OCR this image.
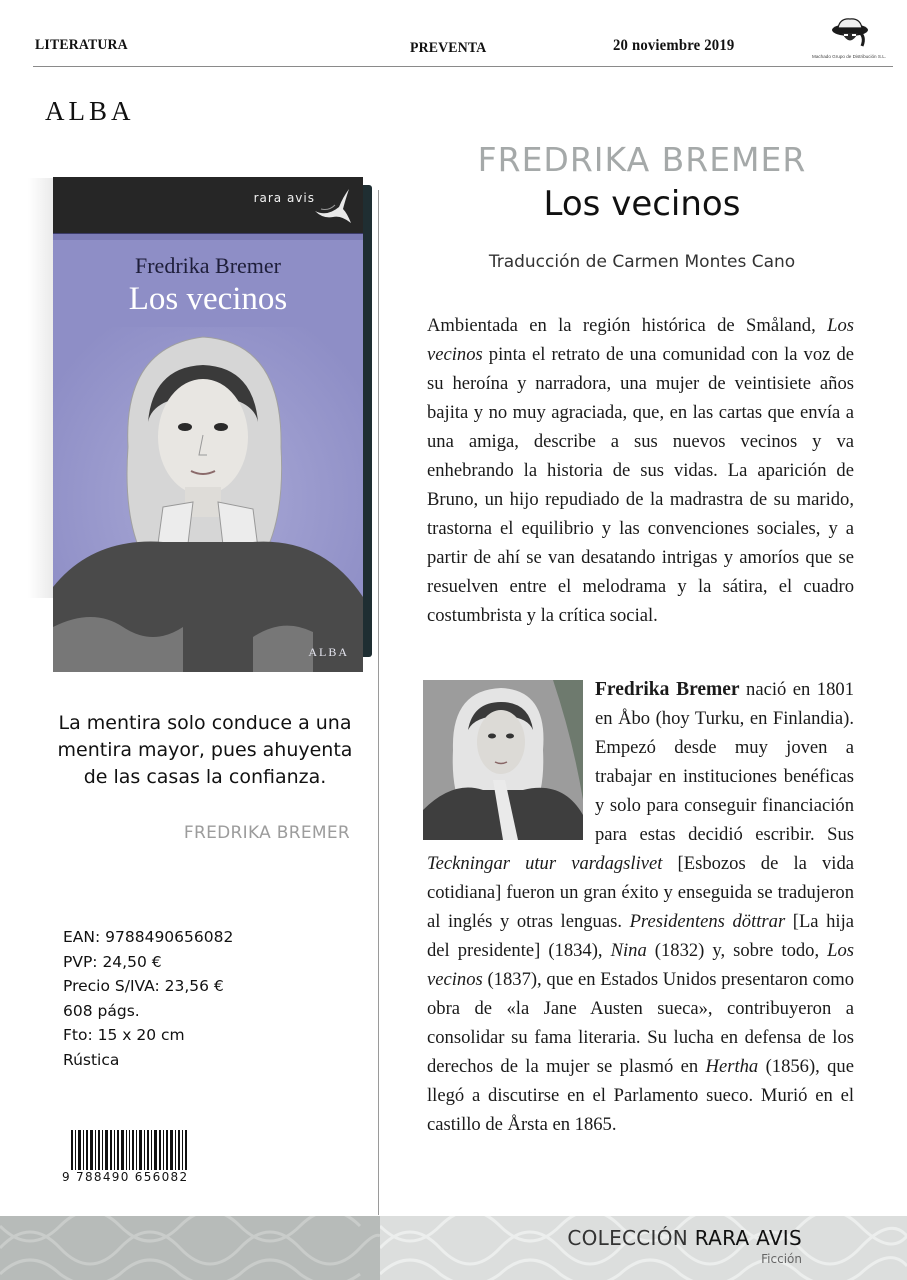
LITERATURA	PREVENTA	20 noviembre 2019
Machado Grupo de Distribución S.L.
ALBA
rara avis
Fredrika Bremer
Los vecinos
ALBA
La mentira solo conduce a una mentira mayor, pues ahuyenta de las casas la confianza.
FREDRIKA BREMER
EAN: 9788490656082
PVP: 24,50 €
Precio S/IVA: 23,56 €
608 págs.
Fto: 15 x 20 cm
Rústica
9 788490 656082
FREDRIKA BREMER
Los vecinos
Traducción de Carmen Montes Cano
Ambientada en la región histórica de Småland, Los vecinos pinta el retrato de una comunidad con la voz de su heroína y narradora, una mujer de veintisiete años bajita y no muy agraciada, que, en las cartas que envía a una amiga, describe a sus nuevos vecinos y va enhebrando la historia de sus vidas. La aparición de Bruno, un hijo repudiado de la madrastra de su marido, trastorna el equilibrio y las convenciones sociales, y a partir de ahí se van desatando intrigas y amoríos que se resuelven entre el melodrama y la sátira, el cuadro costumbrista y la crítica social.
Fredrika Bremer nació en 1801 en Åbo (hoy Turku, en Finlandia). Empezó desde muy joven a trabajar en instituciones benéficas y solo para conseguir financiación para estas decidió escribir. Sus Teckningar utur vardagslivet [Esbozos de la vida cotidiana] fueron un gran éxito y enseguida se tradujeron al inglés y otras lenguas. Presidentens döttrar [La hija del presidente] (1834), Nina (1832) y, sobre todo, Los vecinos (1837), que en Estados Unidos presentaron como obra de «la Jane Austen sueca», contribuyeron a consolidar su fama literaria. Su lucha en defensa de los derechos de la mujer se plasmó en Hertha (1856), que llegó a discutirse en el Parlamento sueco. Murió en el castillo de Årsta en 1865.
COLECCIÓN RARA AVIS
Ficción
